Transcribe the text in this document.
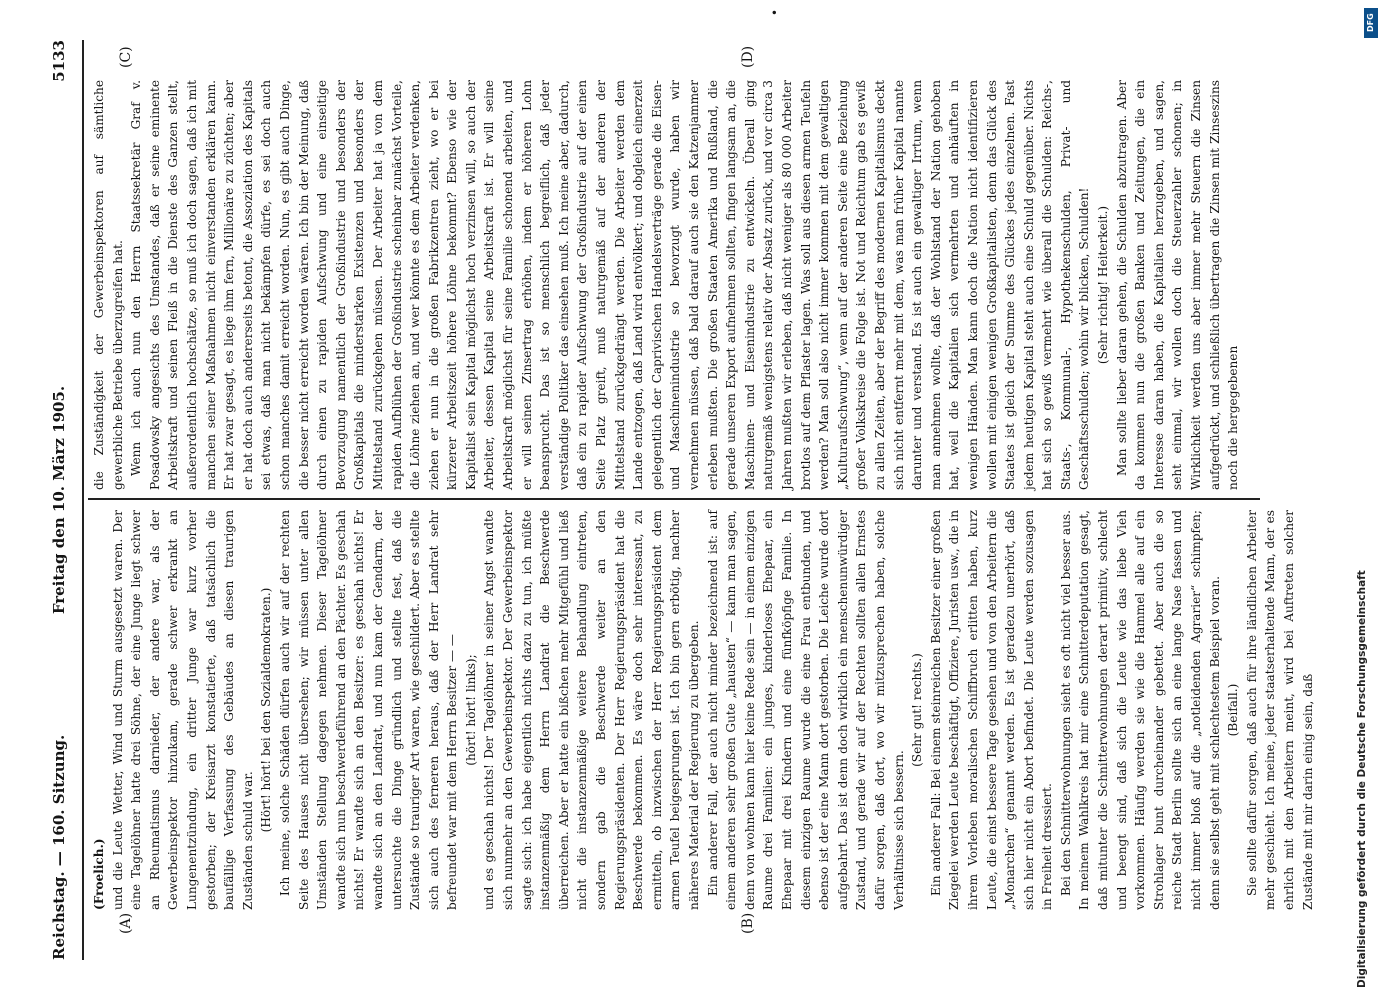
Reichstag. — 160. Sitzung.
Freitag den 10. März 1905.
5133
(A)	(B)
(C)	(D)
•

(Froelich.) und die Leute Wetter, Wind und Sturm ausgesetzt waren. Der eine Tagelöhner hatte drei Söhne, der eine Junge liegt schwer an Rheumatismus darnieder, der andere war, als der Gewerbeinspektor hinzukam, gerade schwer erkrankt an Lungenentzündung, ein dritter Junge war kurz vorher gestorben; der Kreisarzt konstatierte, daß tatsächlich die baufällige Verfassung des Gebäudes an diesen traurigen Zuständen schuld war.

(Hört! hört! bei den Sozialdemokraten.) Ich meine, solche Schäden dürfen auch wir auf der rechten Seite des Hauses nicht übersehen; wir müssen unter allen Umständen Stellung dagegen nehmen. Dieser Tagelöhner wandte sich nun beschwerdeführend an den Pächter. Es geschah nichts! Er wandte sich an den Besitzer: es geschah nichts! Er wandte sich an den Landrat, und nun kam der Gendarm, der untersuchte die Dinge gründlich und stellte fest, daß die Zustände so trauriger Art waren, wie geschildert. Aber es stellte sich auch des ferneren heraus, daß der Herr Landrat sehr befreundet war mit dem Herrn Besitzer — — (hört! hört! links); und es geschah nichts! Der Tagelöhner in seiner Angst wandte sich nunmehr an den Gewerbeinspektor. Der Gewerbeinspektor sagte sich: ich habe eigentlich nichts dazu zu tun, ich müßte instanzenmäßig dem Herrn Landrat die Beschwerde überreichen. Aber er hatte ein bißchen mehr Mitgefühl und ließ nicht die instanzenmäßige weitere Behandlung eintreten, sondern gab die Beschwerde weiter an den Regierungspräsidenten. Der Herr Regierungspräsident hat die Beschwerde bekommen. Es wäre doch sehr interessant, zu ermitteln, ob inzwischen der Herr Regierungspräsident dem armen Teufel beigesprungen ist. Ich bin gern erbötig, nachher näheres Material der Regierung zu übergeben. Ein anderer Fall, der auch nicht minder bezeichnend ist: auf einem anderen sehr großen Gute „hausten“ — kann man sagen, denn von wohnen kann hier keine Rede sein — in einem einzigen Raume drei Familien: ein junges, kinderloses Ehepaar, ein Ehepaar mit drei Kindern und eine fünfköpfige Familie. In diesem einzigen Raume wurde die eine Frau entbunden, und ebenso ist der eine Mann dort gestorben. Die Leiche wurde dort aufgebahrt. Das ist denn doch wirklich ein menschenunwürdiger Zustand, und gerade wir auf der Rechten sollten allen Ernstes dafür sorgen, daß dort, wo wir mitzusprechen haben, solche Verhältnisse sich bessern.

(Sehr gut! rechts.) Ein anderer Fall: Bei einem steinreichen Besitzer einer großen Ziegelei werden Leute beschäftigt, Offiziere, Juristen usw., die in ihrem Vorleben moralischen Schiffbruch erlitten haben, kurz Leute, die einst bessere Tage gesehen und von den Arbeitern die „Monarchen“ genannt werden. Es ist geradezu unerhört, daß sich hier nicht ein Abort befindet. Die Leute werden sozusagen in Freiheit dressiert. Bei den Schnitterwohnungen sieht es oft nicht viel besser aus. In meinem Wahlkreis hat mir eine Schnitterdeputation gesagt, daß mitunter die Schnitterwohnungen derart primitiv, schlecht und beengt sind, daß sich die Leute wie das liebe Vieh vorkommen. Häufig werden sie wie die Hammel alle auf ein Strohlager bunt durcheinander gebettet. Aber auch die so reiche Stadt Berlin sollte sich an eine lange Nase fassen und nicht immer bloß auf die „notleidenden Agrarier“ schimpfen; denn sie selbst geht mit schlechtestem Beispiel voran. (Beifall.) Sie sollte dafür sorgen, daß auch für ihre ländlichen Arbeiter mehr geschieht. Ich meine, jeder staatserhaltende Mann, der es ehrlich mit den Arbeitern meint, wird bei Auftreten solcher Zustände mit mir darin einig sein, daß

die Zuständigkeit der Gewerbeinspektoren auf sämtliche gewerbliche Betriebe überzugreifen hat. Wenn ich auch nun den Herrn Staatssekretär Graf v. Posadowsky angesichts des Umstandes, daß er seine eminente Arbeitskraft und seinen Fleiß in die Dienste des Ganzen stellt, außerordentlich hochschätze, so muß ich doch sagen, daß ich mit manchen seiner Maßnahmen nicht einverstanden erklären kann. Er hat zwar gesagt, es liege ihm fern, Millionäre zu züchten; aber er hat doch auch andererseits betont, die Assoziation des Kapitals sei etwas, daß man nicht bekämpfen dürfe, es sei doch auch schon manches damit erreicht worden. Nun, es gibt auch Dinge, die besser nicht erreicht worden wären. Ich bin der Meinung, daß durch einen zu rapiden Aufschwung und eine einseitige Bevorzugung namentlich der Großindustrie und besonders der Großkapitals die minderstarken Existenzen und besonders der Mittelstand zurückgehen müssen. Der Arbeiter hat ja von dem rapiden Aufblühen der Großindustrie scheinbar zunächst Vorteile, die Löhne ziehen an, und wer könnte es dem Arbeiter verdenken, ziehen er nun in die großen Fabrikzentren zieht, wo er bei kürzerer Arbeitszeit höhere Löhne bekommt? Ebenso wie der Kapitalist sein Kapital möglichst hoch verzinsen will, so auch der Arbeiter, dessen Kapital seine Arbeitskraft ist. Er will seine Arbeitskraft möglichst für seine Familie schonend arbeiten, und er will seinen Zinsertrag erhöhen, indem er höheren Lohn beansprucht. Das ist so menschlich begreiflich, daß jeder verständige Politiker das einsehen muß. Ich meine aber, dadurch, daß ein zu rapider Aufschwung der Großindustrie auf der einen Seite Platz greift, muß naturgemäß auf der anderen der Mittelstand zurückgedrängt werden. Die Arbeiter werden dem Lande entzogen, daß Land wird entvölkert; und obgleich einerzeit gelegentlich der Caprivischen Handelsverträge gerade die Eisen- und Maschinenindustrie so bevorzugt wurde, haben wir vernehmen müssen, daß bald darauf auch sie den Katzenjammer erleben mußten. Die großen Staaten Amerika und Rußland, die gerade unseren Export aufnehmen sollten, fingen langsam an, die Maschinen- und Eisenindustrie zu entwickeln. Überall ging naturgemäß wenigstens relativ der Absatz zurück, und vor circa 3 Jahren mußten wir erleben, daß nicht weniger als 80 000 Arbeiter brotlos auf dem Pflaster lagen. Was soll aus diesen armen Teufeln werden? Man soll also nicht immer kommen mit dem gewaltigen „Kulturaufschwung“, wenn auf der anderen Seite eine Beziehung großer Volkskreise die Folge ist. Not und Reichtum gab es gewiß zu allen Zeiten, aber der Begriff des modernen Kapitalismus deckt sich nicht entfernt mehr mit dem, was man früher Kapital nannte darunter und verstand. Es ist auch ein gewaltiger Irrtum, wenn man annehmen wollte, daß der Wohlstand der Nation gehoben hat, weil die Kapitalien sich vermehrten und anhäuften in wenigen Händen. Man kann doch die Nation nicht identifizieren wollen mit einigen wenigen Großkapitalisten, denn das Glück des Staates ist gleich der Summe des Glückes jedes einzelnen. Fast jedem heutigen Kapital steht auch eine Schuld gegenüber. Nichts hat sich so gewiß vermehrt wie überall die Schulden: Reichs-, Staats-, Kommunal-, Hypothekenschulden, Privat- und Geschäftsschulden; wohin wir blicken, Schulden! (Sehr richtig! Heiterkeit.) Man sollte lieber daran gehen, die Schulden abzutragen. Aber da kommen nun die großen Banken und Zeitungen, die ein Interesse daran haben, die Kapitalien herzugeben, und sagen, seht einmal, wir wollen doch die Steuerzahler schonen; in Wirklichkeit werden uns aber immer mehr Steuern die Zinsen aufgedrückt, und schließlich übertragen die Zinsen mit Zinseszins noch die hergegebenen

Digitalisierung gefördert durch die Deutsche Forschungsgemeinschaft
DFG
